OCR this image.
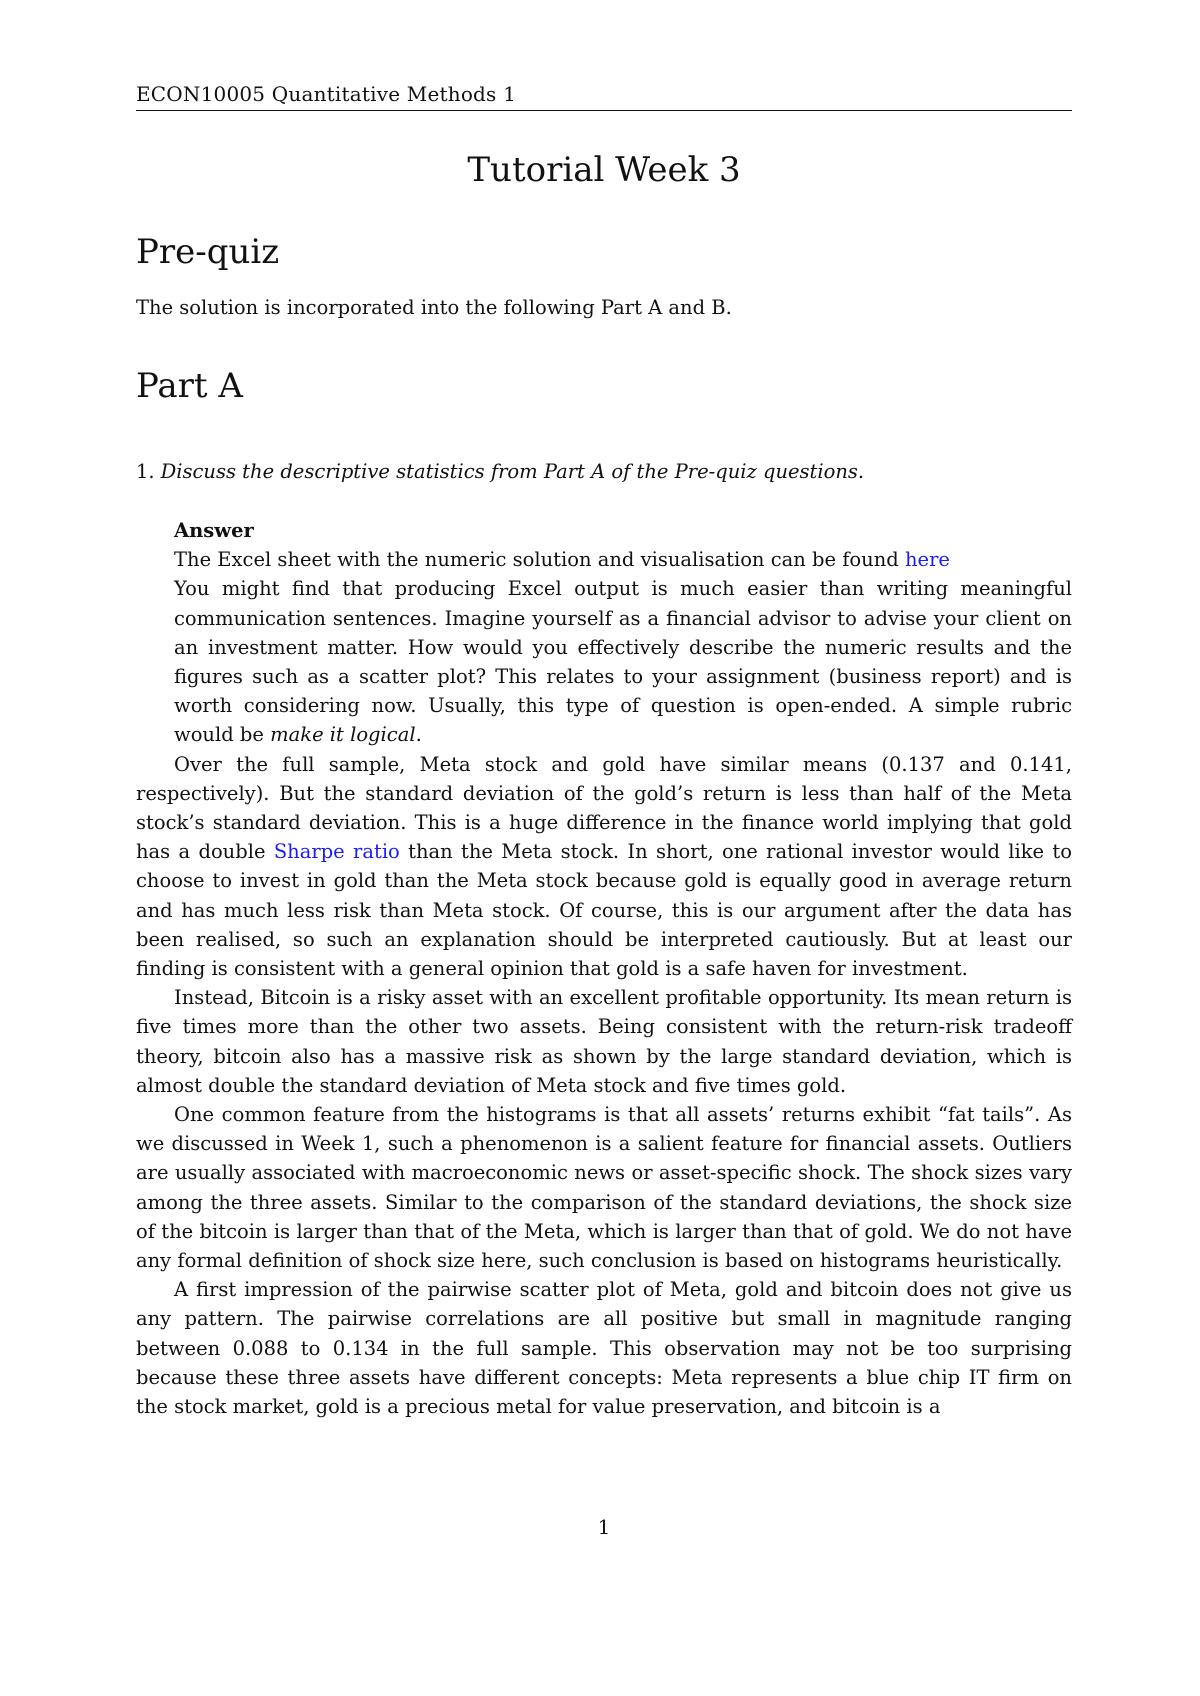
ECON10005 Quantitative Methods 1
Tutorial Week 3
Pre-quiz
The solution is incorporated into the following Part A and B.
Part A
1. Discuss the descriptive statistics from Part A of the Pre-quiz questions.
Answer
The Excel sheet with the numeric solution and visualisation can be found here

You might find that producing Excel output is much easier than writing meaningful communication sentences. Imagine yourself as a financial advisor to advise your client on an investment matter. How would you effectively describe the numeric results and the figures such as a scatter plot? This relates to your assignment (business report) and is worth considering now. Usually, this type of question is open-ended. A simple rubric would be make it logical.

Over the full sample, Meta stock and gold have similar means (0.137 and 0.141, respectively). But the standard deviation of the gold’s return is less than half of the Meta stock’s standard deviation. This is a huge difference in the finance world implying that gold has a double Sharpe ratio than the Meta stock. In short, one rational investor would like to choose to invest in gold than the Meta stock because gold is equally good in average return and has much less risk than Meta stock. Of course, this is our argument after the data has been realised, so such an explanation should be interpreted cautiously. But at least our finding is consistent with a general opinion that gold is a safe haven for investment.

Instead, Bitcoin is a risky asset with an excellent profitable opportunity. Its mean return is five times more than the other two assets. Being consistent with the return-risk tradeoff theory, bitcoin also has a massive risk as shown by the large standard deviation, which is almost double the standard deviation of Meta stock and five times gold.

One common feature from the histograms is that all assets’ returns exhibit “fat tails”. As we discussed in Week 1, such a phenomenon is a salient feature for financial assets. Outliers are usually associated with macroeconomic news or asset-specific shock. The shock sizes vary among the three assets. Similar to the comparison of the standard deviations, the shock size of the bitcoin is larger than that of the Meta, which is larger than that of gold. We do not have any formal definition of shock size here, such conclusion is based on histograms heuristically.

A first impression of the pairwise scatter plot of Meta, gold and bitcoin does not give us any pattern. The pairwise correlations are all positive but small in magnitude ranging between 0.088 to 0.134 in the full sample. This observation may not be too surprising because these three assets have different concepts: Meta represents a blue chip IT firm on the stock market, gold is a precious metal for value preservation, and bitcoin is a

1
